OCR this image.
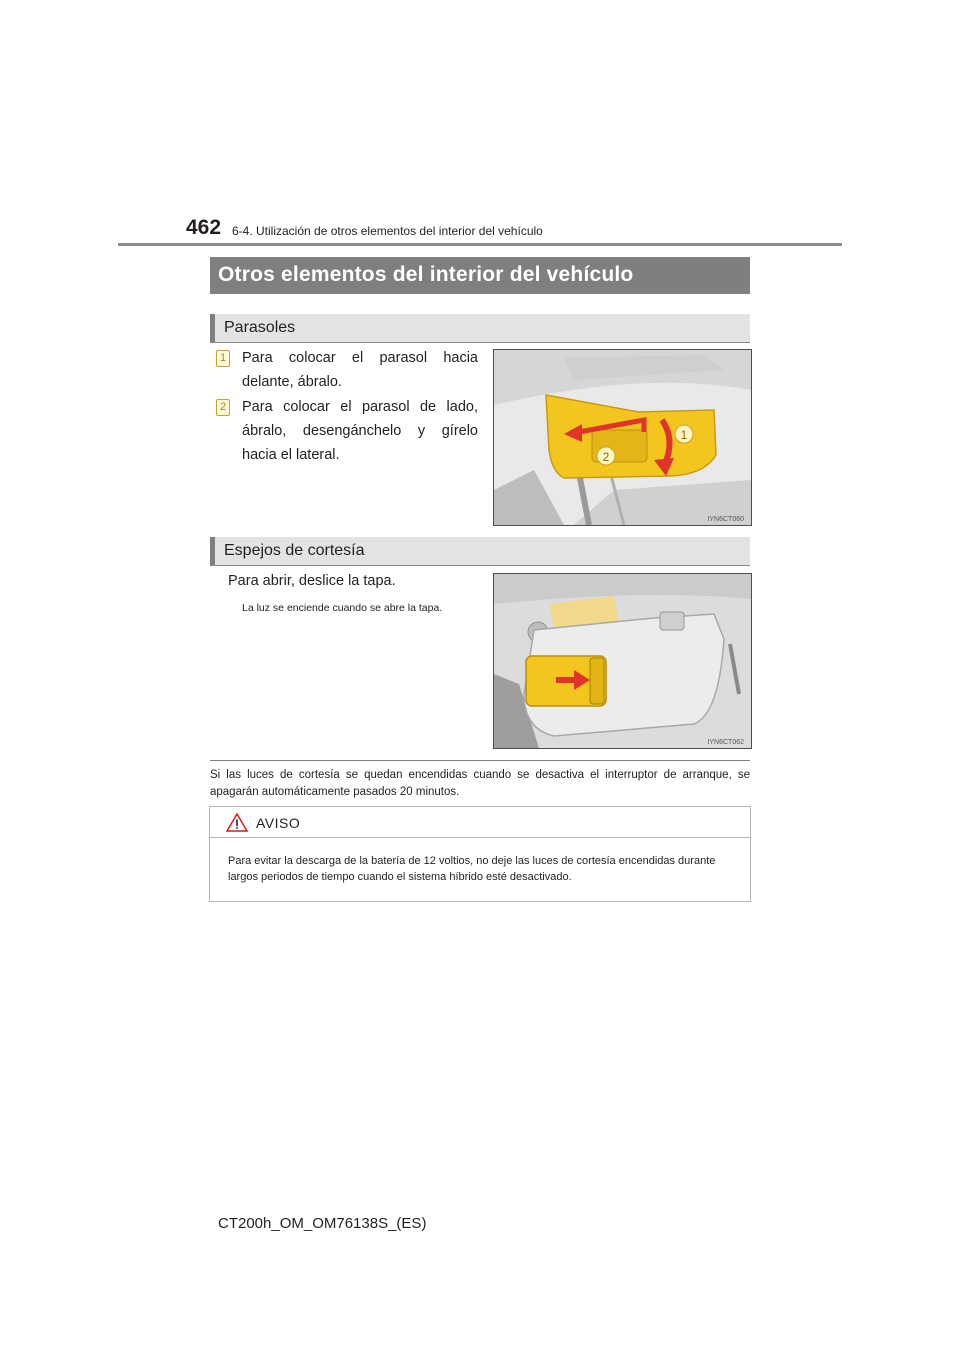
462 6-4. Utilización de otros elementos del interior del vehículo
Otros elementos del interior del vehículo
Parasoles
1 Para colocar el parasol hacia delante, ábralo.
2 Para colocar el parasol de lado, ábralo, desengánchelo y gírelo hacia el lateral.
1
2
IYN6CT060
Espejos de cortesía
Para abrir, deslice la tapa.
La luz se enciende cuando se abre la tapa.
IYN6CT062
Si las luces de cortesía se quedan encendidas cuando se desactiva el interruptor de arranque, se apagarán automáticamente pasados 20 minutos.
AVISO
Para evitar la descarga de la batería de 12 voltios, no deje las luces de cortesía encendidas durante largos periodos de tiempo cuando el sistema híbrido esté desactivado.
CT200h_OM_OM76138S_(ES)
